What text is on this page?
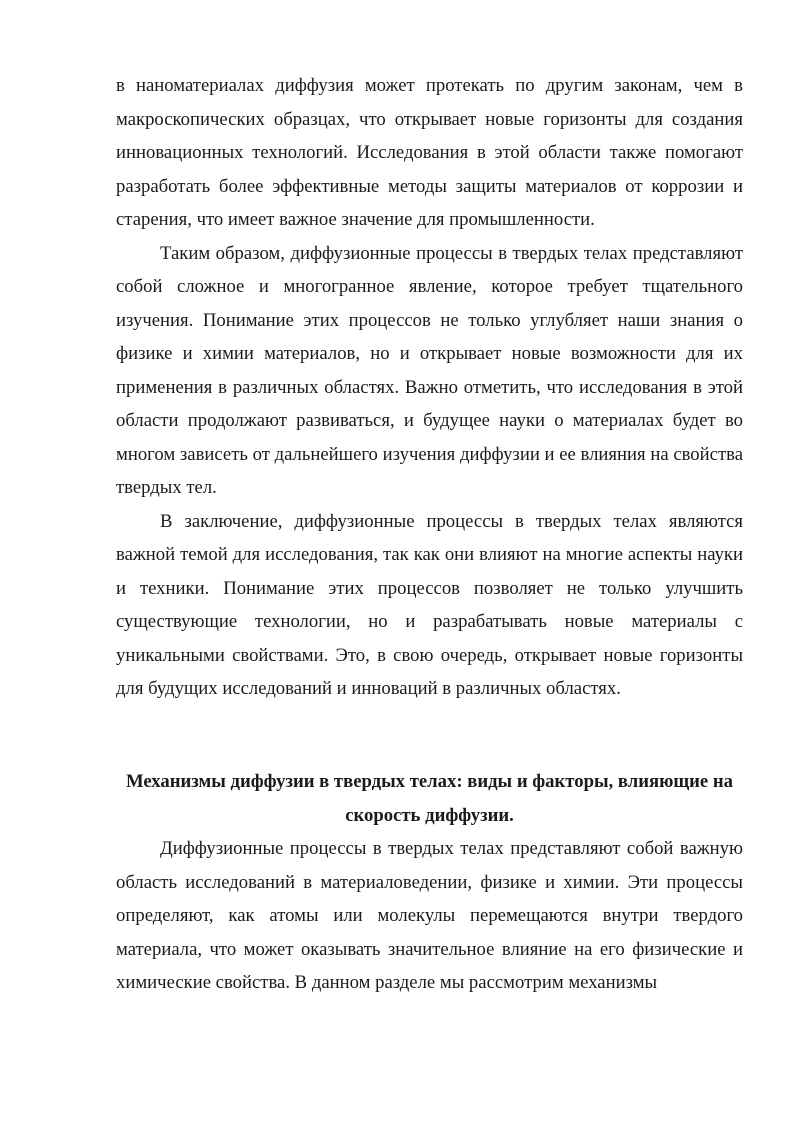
в наноматериалах диффузия может протекать по другим законам, чем в макроскопических образцах, что открывает новые горизонты для создания инновационных технологий. Исследования в этой области также помогают разработать более эффективные методы защиты материалов от коррозии и старения, что имеет важное значение для промышленности.

Таким образом, диффузионные процессы в твердых телах представляют собой сложное и многогранное явление, которое требует тщательного изучения. Понимание этих процессов не только углубляет наши знания о физике и химии материалов, но и открывает новые возможности для их применения в различных областях. Важно отметить, что исследования в этой области продолжают развиваться, и будущее науки о материалах будет во многом зависеть от дальнейшего изучения диффузии и ее влияния на свойства твердых тел.

В заключение, диффузионные процессы в твердых телах являются важной темой для исследования, так как они влияют на многие аспекты науки и техники. Понимание этих процессов позволяет не только улучшить существующие технологии, но и разрабатывать новые материалы с уникальными свойствами. Это, в свою очередь, открывает новые горизонты для будущих исследований и инноваций в различных областях.

Механизмы диффузии в твердых телах: виды и факторы, влияющие на скорость диффузии.

Диффузионные процессы в твердых телах представляют собой важную область исследований в материаловедении, физике и химии. Эти процессы определяют, как атомы или молекулы перемещаются внутри твердого материала, что может оказывать значительное влияние на его физические и химические свойства. В данном разделе мы рассмотрим механизмы
